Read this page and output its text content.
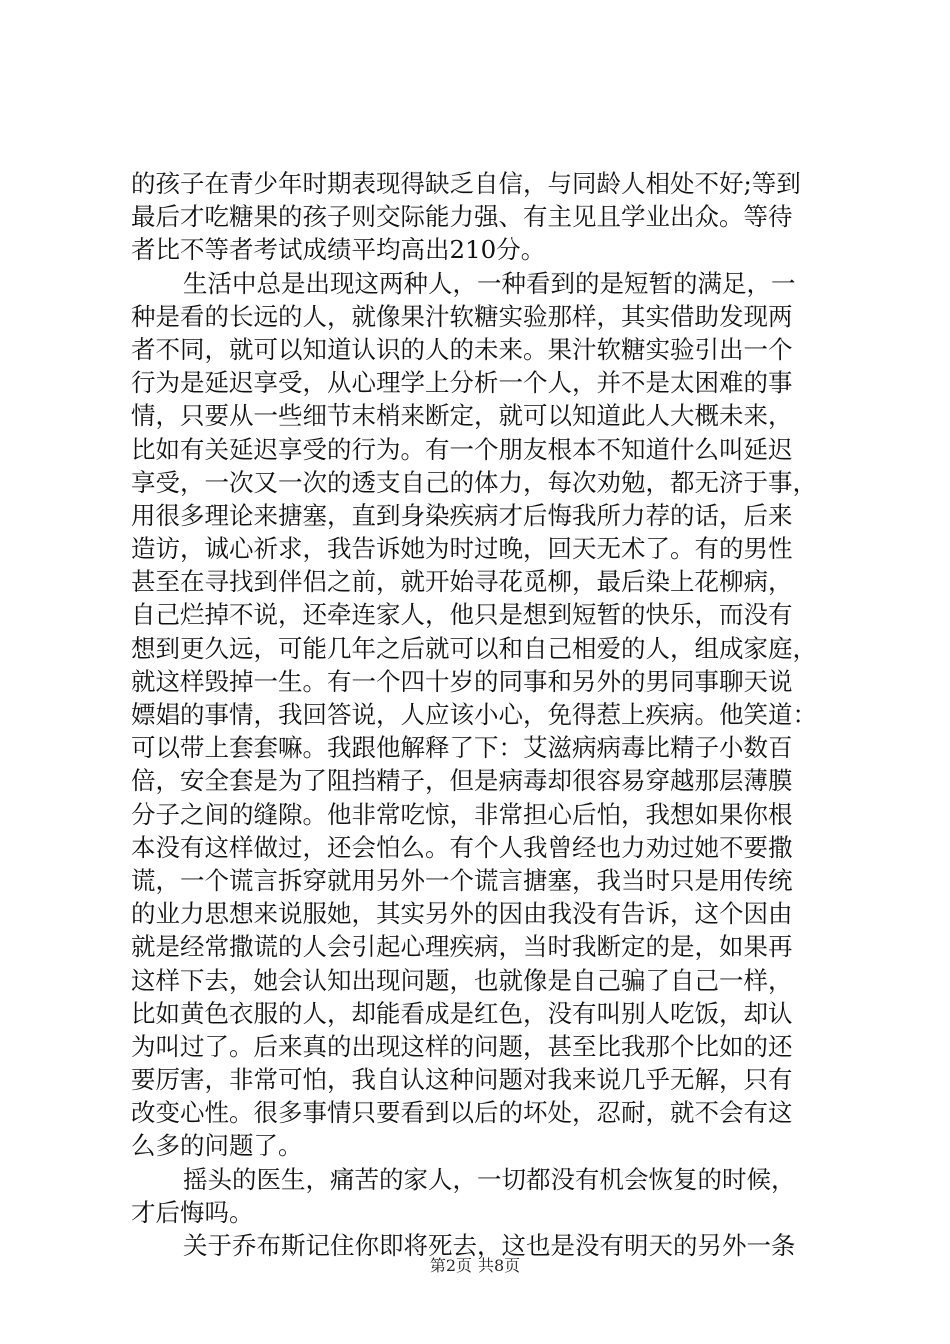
的孩子在青少年时期表现得缺乏自信，与同龄人相处不好;等到
最后才吃糖果的孩子则交际能力强、有主见且学业出众。等待
者比不等者考试成绩平均高出210分。
生活中总是出现这两种人，一种看到的是短暂的满足，一
种是看的长远的人，就像果汁软糖实验那样，其实借助发现两
者不同，就可以知道认识的人的未来。果汁软糖实验引出一个
行为是延迟享受，从心理学上分析一个人，并不是太困难的事
情，只要从一些细节末梢来断定，就可以知道此人大概未来，
比如有关延迟享受的行为。有一个朋友根本不知道什么叫延迟
享受，一次又一次的透支自己的体力，每次劝勉，都无济于事，
用很多理论来搪塞，直到身染疾病才后悔我所力荐的话，后来
造访，诚心祈求，我告诉她为时过晚，回天无术了。有的男性
甚至在寻找到伴侣之前，就开始寻花觅柳，最后染上花柳病，
自己烂掉不说，还牵连家人，他只是想到短暂的快乐，而没有
想到更久远，可能几年之后就可以和自己相爱的人，组成家庭，
就这样毁掉一生。有一个四十岁的同事和另外的男同事聊天说
嫖娼的事情，我回答说，人应该小心，免得惹上疾病。他笑道：
可以带上套套嘛。我跟他解释了下：艾滋病病毒比精子小数百
倍，安全套是为了阻挡精子，但是病毒却很容易穿越那层薄膜
分子之间的缝隙。他非常吃惊，非常担心后怕，我想如果你根
本没有这样做过，还会怕么。有个人我曾经也力劝过她不要撒
谎，一个谎言拆穿就用另外一个谎言搪塞，我当时只是用传统
的业力思想来说服她，其实另外的因由我没有告诉，这个因由
就是经常撒谎的人会引起心理疾病，当时我断定的是，如果再
这样下去，她会认知出现问题，也就像是自己骗了自己一样，
比如黄色衣服的人，却能看成是红色，没有叫别人吃饭，却认
为叫过了。后来真的出现这样的问题，甚至比我那个比如的还
要厉害，非常可怕，我自认这种问题对我来说几乎无解，只有
改变心性。很多事情只要看到以后的坏处，忍耐，就不会有这
么多的问题了。
摇头的医生，痛苦的家人，一切都没有机会恢复的时候，
才后悔吗。
关于乔布斯记住你即将死去，这也是没有明天的另外一条
第2页 共8页
